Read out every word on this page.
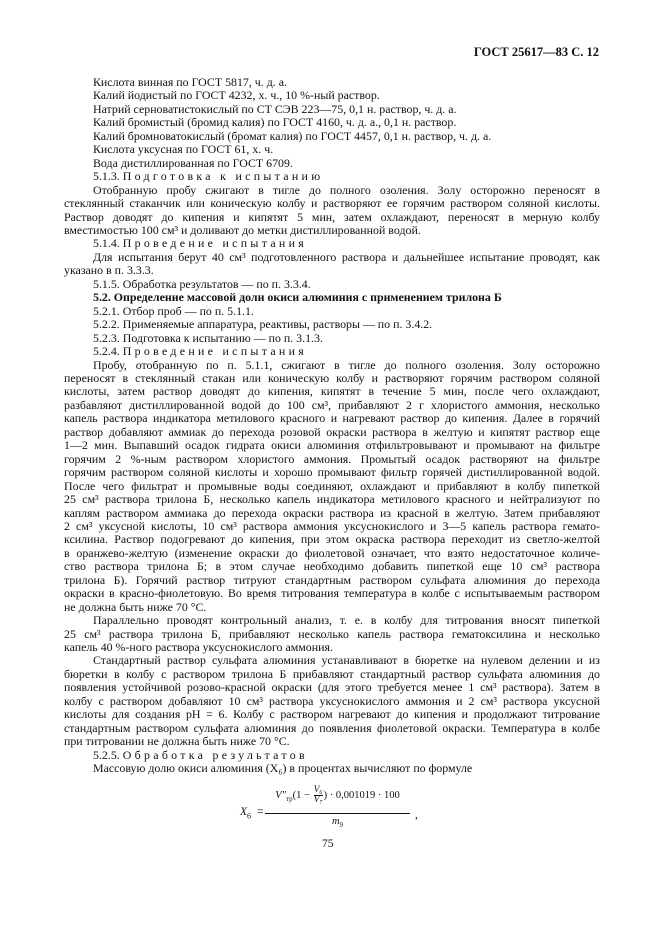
ГОСТ 25617—83 С. 12
Кислота винная по ГОСТ 5817, ч. д. а.
Калий йодистый по ГОСТ 4232, х. ч., 10 %-ный раствор.
Натрий серноватистокислый по СТ СЭВ 223—75, 0,1 н. раствор, ч. д. а.
Калий бромистый (бромид калия) по ГОСТ 4160, ч. д. а., 0,1 н. раствор.
Калий бромноватокислый (бромат калия) по ГОСТ 4457, 0,1 н. раствор, ч. д. а.
Кислота уксусная по ГОСТ 61, х. ч.
Вода дистиллированная по ГОСТ 6709.
5.1.3. Подготовка к испытанию
Отобранную пробу сжигают в тигле до полного озоления. Золу осторожно переносят в
стеклянный стаканчик или коническую колбу и растворяют ее горячим раствором соляной кислоты.
Раствор доводят до кипения и кипятят 5 мин, затем охлаждают, переносят в мерную колбу
вместимостью 100 см³ и доливают до метки дистиллированной водой.
5.1.4. Проведение испытания
Для испытания берут 40 см³ подготовленного раствора и дальнейшее испытание проводят, как
указано в п. 3.3.3.
5.1.5. Обработка результатов — по п. 3.3.4.
5.2. Определение массовой доли окиси алюминия с применением трилона Б
5.2.1. Отбор проб — по п. 5.1.1.
5.2.2. Применяемые аппаратура, реактивы, растворы — по п. 3.4.2.
5.2.3. Подготовка к испытанию — по п. 3.1.3.
5.2.4. Проведение испытания
Пробу, отобранную по п. 5.1.1, сжигают в тигле до полного озоления. Золу осторожно
переносят в стеклянный стакан или коническую колбу и растворяют горячим раствором соляной
кислоты, затем раствор доводят до кипения, кипятят в течение 5 мин, после чего охлаждают,
разбавляют дистиллированной водой до 100 см³, прибавляют 2 г хлористого аммония, несколько
капель раствора индикатора метилового красного и нагревают раствор до кипения. Далее в горячий
раствор добавляют аммиак до перехода розовой окраски раствора в желтую и кипятят раствор еще
1—2 мин. Выпавший осадок гидрата окиси алюминия отфильтровывают и промывают на фильтре
горячим 2 %-ным раствором хлористого аммония. Промытый осадок растворяют на фильтре
горячим раствором соляной кислоты и хорошо промывают фильтр горячей дистиллированной водой.
После чего фильтрат и промывные воды соединяют, охлаждают и прибавляют в колбу пипеткой
25 см³ раствора трилона Б, несколько капель индикатора метилового красного и нейтрализуют по
каплям раствором аммиака до перехода окраски раствора из красной в желтую. Затем прибавляют
2 см³ уксусной кислоты, 10 см³ раствора аммония уксуснокислого и 3—5 капель раствора гемато-
ксилина. Раствор подогревают до кипения, при этом окраска раствора переходит из светло-желтой
в оранжево-желтую (изменение окраски до фиолетовой означает, что взято недостаточное количе-
ство раствора трилона Б; в этом случае необходимо добавить пипеткой еще 10 см³ раствора
трилона Б). Горячий раствор титруют стандартным раствором сульфата алюминия до перехода
окраски в красно-фиолетовую. Во время титрования температура в колбе с испытываемым раствором
не должна быть ниже 70 °С.
Параллельно проводят контрольный анализ, т. е. в колбу для титрования вносят пипеткой
25 см³ раствора трилона Б, прибавляют несколько капель раствора гематоксилина и несколько
капель 40 %-ного раствора уксуснокислого аммония.
Стандартный раствор сульфата алюминия устанавливают в бюретке на нулевом делении и из
бюретки в колбу с раствором трилона Б прибавляют стандартный раствор сульфата алюминия до
появления устойчивой розово-красной окраски (для этого требуется менее 1 см³ раствора). Затем в
колбу с раствором добавляют 10 см³ раствора уксуснокислого аммония и 2 см³ раствора уксусной
кислоты для создания pH = 6. Колбу с раствором нагревают до кипения и продолжают титрование
стандартным раствором сульфата алюминия до появления фиолетовой окраски. Температура в колбе
при титровании не должна быть ниже 70 °С.
5.2.5. Обработка результатов
Массовую долю окиси алюминия (X₆) в процентах вычисляют по формуле
$X_6$ =
$V''_{тр}(1 - \frac{\text{V₆}}{\text{V₇}}$ ) · 0,001019 · 100
$m_9$
,
75
